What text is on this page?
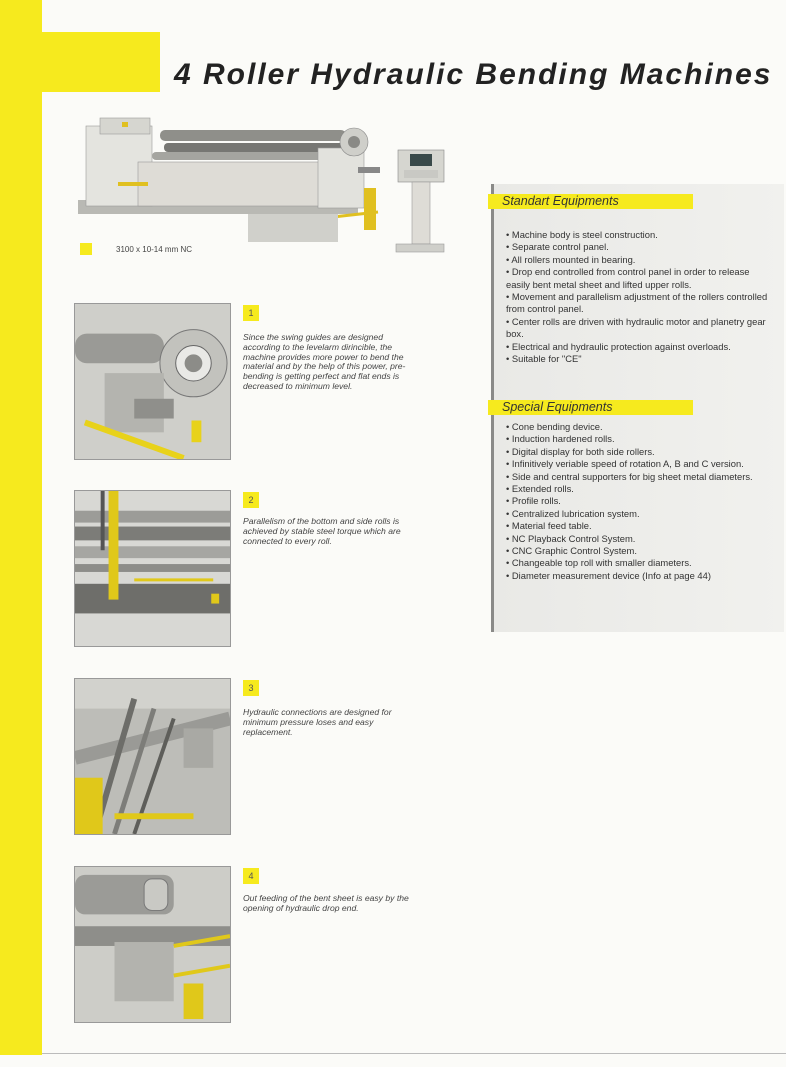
4 Roller Hydraulic Bending Machines
3100 x 10-14 mm NC
Standart Equipments
• Machine body is steel construction.
• Separate control panel.
• All rollers mounted in bearing.
• Drop end controlled from control panel in order to release easily bent metal sheet and lifted upper rolls.
• Movement and parallelism adjustment of the rollers controlled from control panel.
• Center rolls are driven with hydraulic motor and planetry gear box.
• Electrical and hydraulic protection against overloads.
• Suitable for "CE"
Special Equipments
• Cone bending device.
• Induction hardened rolls.
• Digital display for both side rollers.
• Infinitively veriable speed of rotation A, B and C version.
• Side and central supporters for big sheet metal diameters.
• Extended rolls.
• Profile rolls.
• Centralized lubrication system.
• Material feed table.
• NC Playback Control System.
• CNC Graphic Control System.
• Changeable top roll with smaller diameters.
• Diameter measurement device (Info at page 44)
1

Since the swing guides are designed according to the levelarm dirincible, the machine provides more power to bend the material and by the help of this power, pre-bending is getting perfect and flat ends is decreased to minimum level.

2

Parallelism of the bottom and side rolls is achieved by stable steel torque which are connected to every roll.

3

Hydraulic connections are designed for minimum pressure loses and easy replacement.

4

Out feeding of the bent sheet is easy by the opening of hydraulic drop end.
